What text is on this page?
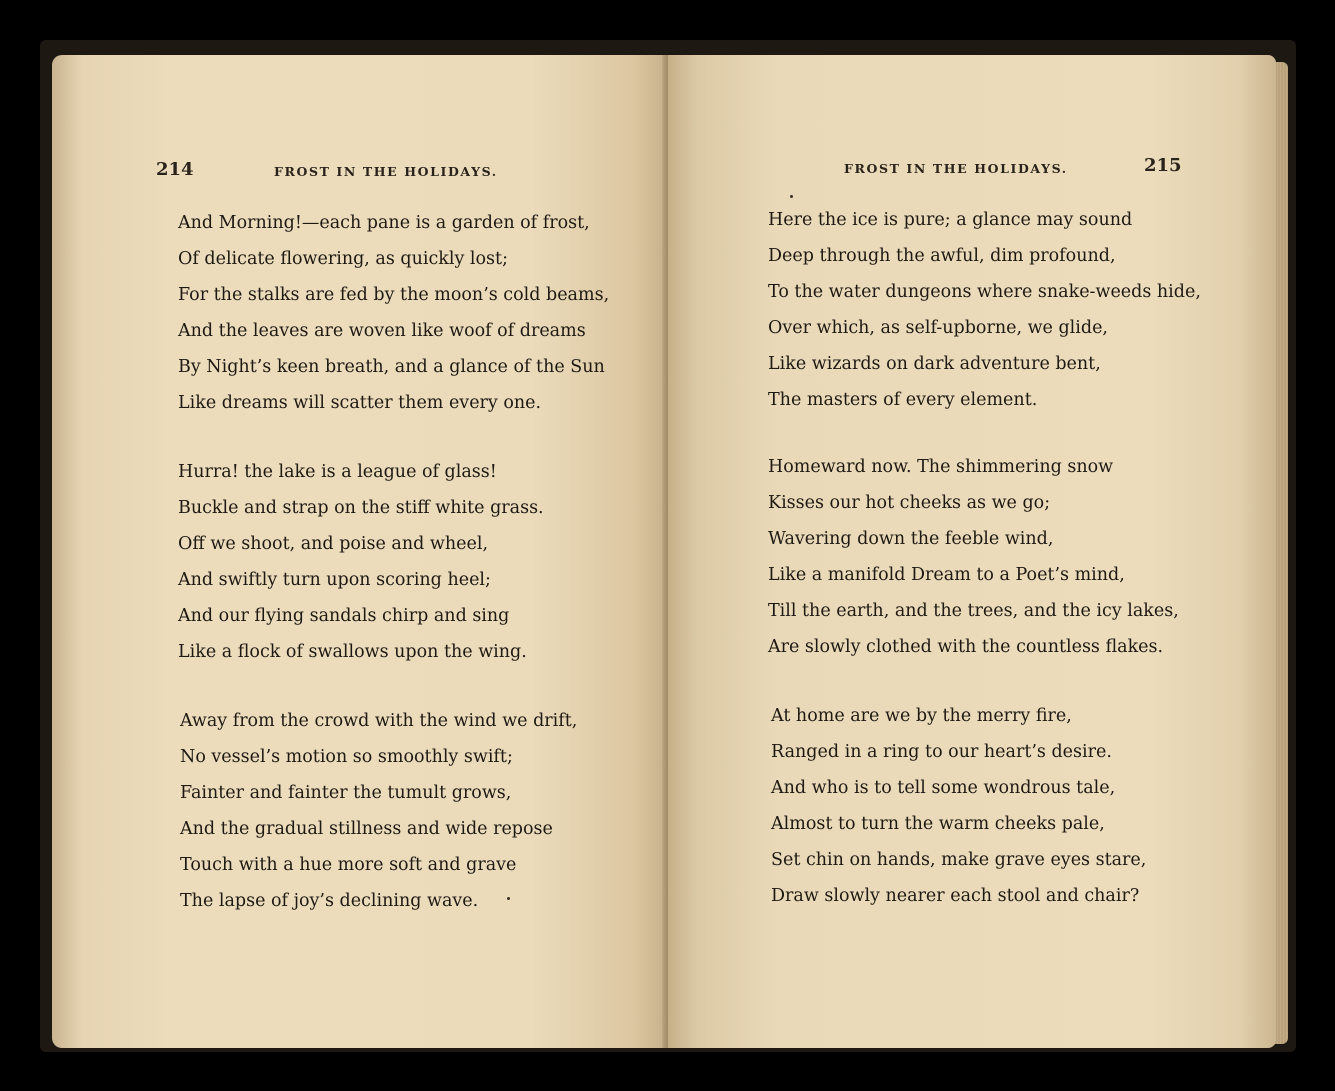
214	FROST IN THE HOLIDAYS.
And Morning!—each pane is a garden of frost,
Of delicate flowering, as quickly lost;
For the stalks are fed by the moon’s cold beams,
And the leaves are woven like woof of dreams
By Night’s keen breath, and a glance of the Sun
Like dreams will scatter them every one.
Hurra! the lake is a league of glass!
Buckle and strap on the stiff white grass.
Off we shoot, and poise and wheel,
And swiftly turn upon scoring heel;
And our flying sandals chirp and sing
Like a flock of swallows upon the wing.
Away from the crowd with the wind we drift,
No vessel’s motion so smoothly swift;
Fainter and fainter the tumult grows,
And the gradual stillness and wide repose
Touch with a hue more soft and grave
The lapse of joy’s declining wave.
FROST IN THE HOLIDAYS.	215
Here the ice is pure; a glance may sound
Deep through the awful, dim profound,
To the water dungeons where snake-weeds hide,
Over which, as self-upborne, we glide,
Like wizards on dark adventure bent,
The masters of every element.
Homeward now. The shimmering snow
Kisses our hot cheeks as we go;
Wavering down the feeble wind,
Like a manifold Dream to a Poet’s mind,
Till the earth, and the trees, and the icy lakes,
Are slowly clothed with the countless flakes.
At home are we by the merry fire,
Ranged in a ring to our heart’s desire.
And who is to tell some wondrous tale,
Almost to turn the warm cheeks pale,
Set chin on hands, make grave eyes stare,
Draw slowly nearer each stool and chair?
